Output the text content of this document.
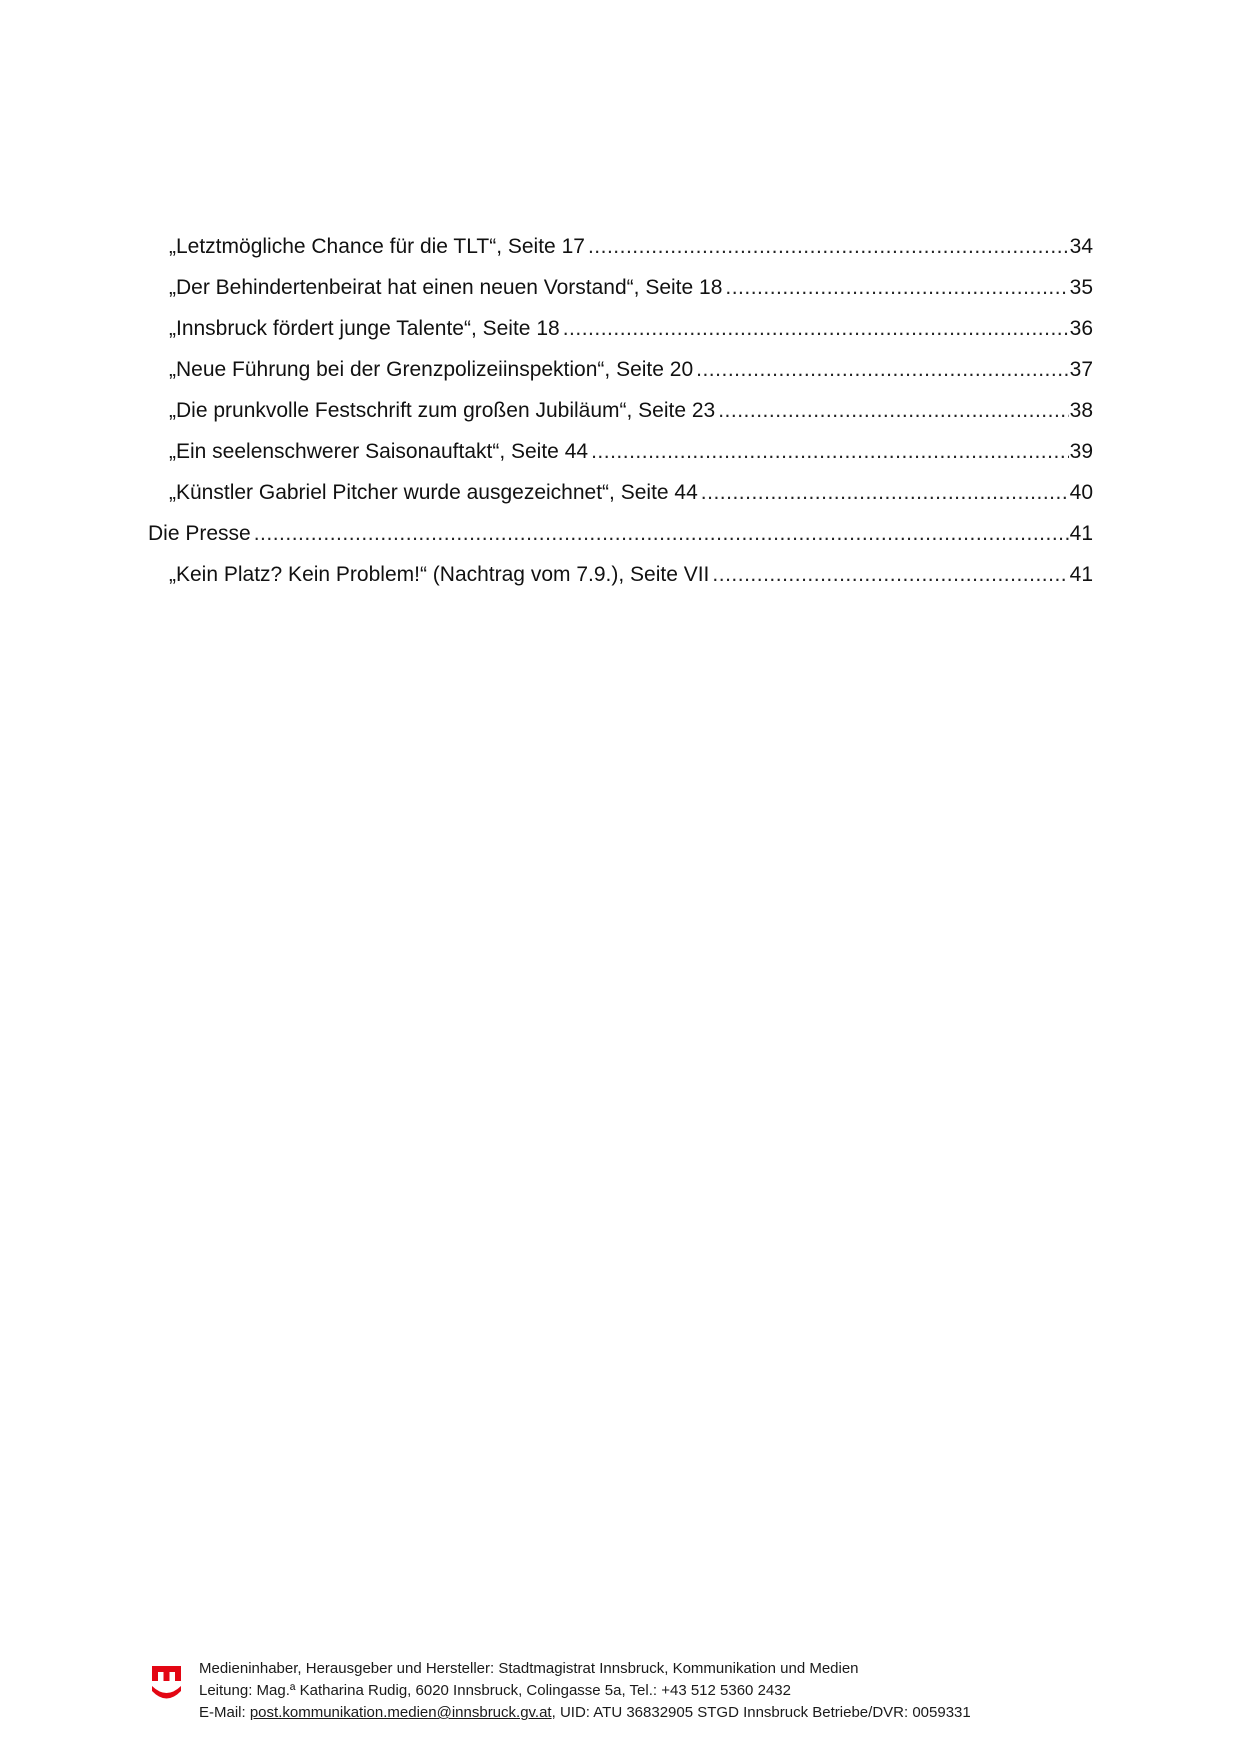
„Letztmögliche Chance für die TLT“, Seite 17 .....	34
„Der Behindertenbeirat hat einen neuen Vorstand“, Seite 18 .....	35
„Innsbruck fördert junge Talente“, Seite 18 .....	36
„Neue Führung bei der Grenzpolizeiinspektion“, Seite 20 .....	37
„Die prunkvolle Festschrift zum großen Jubiläum“, Seite 23 .....	38
„Ein seelenschwerer Saisonauftakt“, Seite 44 .....	39
„Künstler Gabriel Pitcher wurde ausgezeichnet“, Seite 44 .....	40
Die Presse .....	41
„Kein Platz? Kein Problem!“ (Nachtrag vom 7.9.), Seite VII .....	41
Medieninhaber, Herausgeber und Hersteller: Stadtmagistrat Innsbruck, Kommunikation und Medien
Leitung: Mag.ª Katharina Rudig, 6020 Innsbruck, Colingasse 5a, Tel.: +43 512 5360 2432
E-Mail: post.kommunikation.medien@innsbruck.gv.at, UID: ATU 36832905 STGD Innsbruck Betriebe/DVR: 0059331
